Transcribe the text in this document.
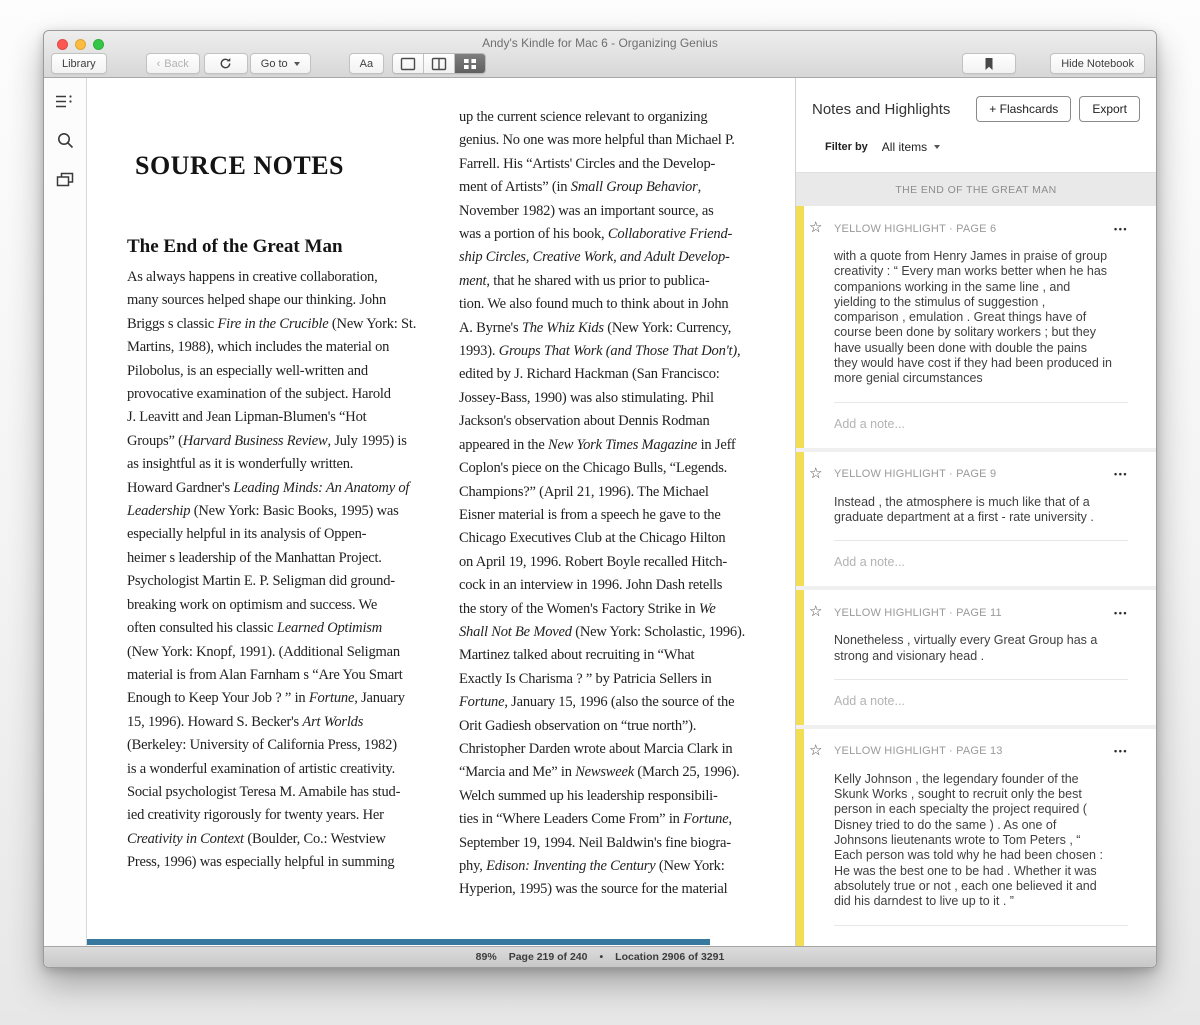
Andy's Kindle for Mac 6 - Organizing Genius
Library	‹ Back	Go to	Aa	Hide Notebook
SOURCE NOTES
The End of the Great Man
As always happens in creative collaboration,
many sources helped shape our thinking. John
Briggs s classic Fire in the Crucible (New York: St.
Martins, 1988), which includes the material on
Pilobolus, is an especially well-written and
provocative examination of the subject. Harold
J. Leavitt and Jean Lipman-Blumen's “Hot
Groups” (Harvard Business Review, July 1995) is
as insightful as it is wonderfully written.
Howard Gardner's Leading Minds: An Anatomy of
Leadership (New York: Basic Books, 1995) was
especially helpful in its analysis of Oppen-
heimer s leadership of the Manhattan Project.
Psychologist Martin E. P. Seligman did ground-
breaking work on optimism and success. We
often consulted his classic Learned Optimism
(New York: Knopf, 1991). (Additional Seligman
material is from Alan Farnham s “Are You Smart
Enough to Keep Your Job ? ” in Fortune, January
15, 1996). Howard S. Becker's Art Worlds
(Berkeley: University of California Press, 1982)
is a wonderful examination of artistic creativity.
Social psychologist Teresa M. Amabile has stud-
ied creativity rigorously for twenty years. Her
Creativity in Context (Boulder, Co.: Westview
Press, 1996) was especially helpful in summing
up the current science relevant to organizing
genius. No one was more helpful than Michael P.
Farrell. His “Artists' Circles and the Develop-
ment of Artists” (in Small Group Behavior,
November 1982) was an important source, as
was a portion of his book, Collaborative Friend-
ship Circles, Creative Work, and Adult Develop-
ment, that he shared with us prior to publica-
tion. We also found much to think about in John
A. Byrne's The Whiz Kids (New York: Currency,
1993). Groups That Work (and Those That Don't),
edited by J. Richard Hackman (San Francisco:
Jossey-Bass, 1990) was also stimulating. Phil
Jackson's observation about Dennis Rodman
appeared in the New York Times Magazine in Jeff
Coplon's piece on the Chicago Bulls, “Legends.
Champions?” (April 21, 1996). The Michael
Eisner material is from a speech he gave to the
Chicago Executives Club at the Chicago Hilton
on April 19, 1996. Robert Boyle recalled Hitch-
cock in an interview in 1996. John Dash retells
the story of the Women's Factory Strike in We
Shall Not Be Moved (New York: Scholastic, 1996).
Martinez talked about recruiting in “What
Exactly Is Charisma ? ” by Patricia Sellers in
Fortune, January 15, 1996 (also the source of the
Orit Gadiesh observation on “true north”).
Christopher Darden wrote about Marcia Clark in
“Marcia and Me” in Newsweek (March 25, 1996).
Welch summed up his leadership responsibili-
ties in “Where Leaders Come From” in Fortune,
September 19, 1994. Neil Baldwin's fine biogra-
phy, Edison: Inventing the Century (New York:
Hyperion, 1995) was the source for the material
Notes and Highlights	+ Flashcards	Export
Filter by All items
THE END OF THE GREAT MAN
☆ YELLOW HIGHLIGHT · PAGE 6	•••
with a quote from Henry James in praise of group creativity : “ Every man works better when he has companions working in the same line , and yielding to the stimulus of suggestion , comparison , emulation . Great things have of course been done by solitary workers ; but they have usually been done with double the pains they would have cost if they had been produced in more genial circumstances
Add a note...
☆ YELLOW HIGHLIGHT · PAGE 9	•••
Instead , the atmosphere is much like that of a graduate department at a first - rate university .
Add a note...
☆ YELLOW HIGHLIGHT · PAGE 11	•••
Nonetheless , virtually every Great Group has a strong and visionary head .
Add a note...
☆ YELLOW HIGHLIGHT · PAGE 13	•••
Kelly Johnson , the legendary founder of the Skunk Works , sought to recruit only the best person in each specialty the project required ( Disney tried to do the same ) . As one of Johnsons lieutenants wrote to Tom Peters , “ Each person was told why he had been chosen : He was the best one to be had . Whether it was absolutely true or not , each one believed it and did his darndest to live up to it . ”
89% Page 219 of 240 • Location 2906 of 3291
